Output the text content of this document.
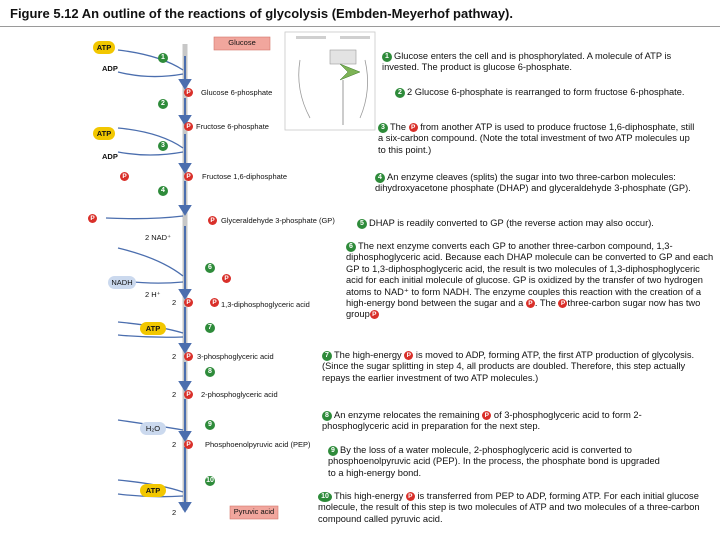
Figure 5.12 An outline of the reactions of glycolysis (Embden-Meyerhof pathway).
ATP
ADP
ATP
ADP
2 NAD⁺
NADH
2 H⁺
ATP
H₂O
ATP
P
P
P
P
P	P
P
P	P
P
P
P
1
2
3
4
6
7
8
9
10
2
2
2
2
2
Glucose
Pyruvic acid
Glucose 6-phosphate
Fructose 6-phosphate
Fructose 1,6-diphosphate
Glyceraldehyde 3-phosphate (GP)
1,3-diphosphoglyceric acid
3-phosphoglyceric acid
2-phosphoglyceric acid
Phosphoenolpyruvic acid (PEP)
1 Glucose enters the cell and is phosphorylated. A molecule of ATP is invested. The product is glucose 6-phosphate.
2 2 Glucose 6-phosphate is rearranged to form fructose 6-phosphate.
3 The P from another ATP is used to produce fructose 1,6-diphosphate, still a six-carbon compound. (Note the total investment of two ATP molecules up to this point.)
4 An enzyme cleaves (splits) the sugar into two three-carbon molecules: dihydroxyacetone phosphate (DHAP) and glyceraldehyde 3-phosphate (GP).
5 DHAP is readily converted to GP (the reverse action may also occur).
6 The next enzyme converts each GP to another three-carbon compound, 1,3-diphosphoglyceric acid. Because each DHAP molecule can be converted to GP and each GP to 1,3-diphosphoglyceric acid, the result is two molecules of 1,3-diphosphoglyceric acid for each initial molecule of glucose. GP is oxidized by the transfer of two hydrogen atoms to NAD⁺ to form NADH. The enzyme couples this reaction with the creation of a high-energy bond between the sugar and a P . The P three-carbon sugar now has two group P
7 The high-energy P is moved to ADP, forming ATP, the first ATP production of glycolysis. (Since the sugar splitting in step 4, all products are doubled. Therefore, this step actually repays the earlier investment of two ATP molecules.)
8 An enzyme relocates the remaining P of 3-phosphoglyceric acid to form 2-phosphoglyceric acid in preparation for the next step.
9 By the loss of a water molecule, 2-phosphoglyceric acid is converted to phosphoenolpyruvic acid (PEP). In the process, the phosphate bond is upgraded to a high-energy bond.
10 This high-energy P is transferred from PEP to ADP, forming ATP. For each initial glucose molecule, the result of this step is two molecules of ATP and two molecules of a three-carbon compound called pyruvic acid.
